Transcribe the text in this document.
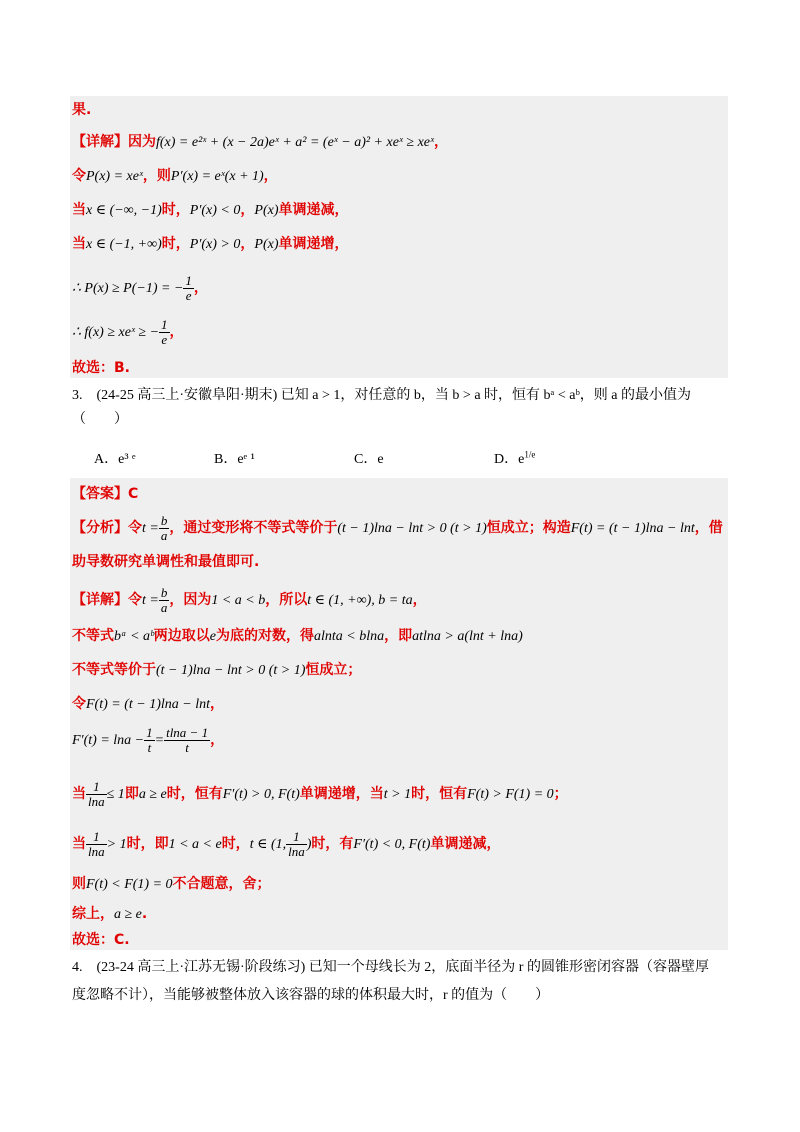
果.
【详解】因为f(x) = e²ˣ + (x − 2a)eˣ + a² = (eˣ − a)² + xeˣ ≥ xeˣ，
令P(x) = xeˣ，则P′(x) = eˣ(x + 1)，
当x ∈ (−∞, −1)时，P′(x) < 0，P(x)单调递减，
当x ∈ (−1, +∞)时，P′(x) > 0，P(x)单调递增，
∴ P(x) ≥ P(−1) = − $\frac{1}{e}$ ，
∴ f(x) ≥ xeˣ ≥ − $\frac{1}{e}$ ，
故选：B.
3.　(24-25 高三上·安徽阜阳·期末) 已知 a > 1，对任意的 b，当 b > a 时，恒有 bᵃ < aᵇ，则 a 的最小值为
（　　）
A．e³ ᵉ	B．eᵉ ¹	C．e	D．$e^{1/e}$
【答案】C
【分析】令$t = \frac{b}{a}$ ，通过变形将不等式等价于(t − 1)lna − lnt > 0 (t > 1)恒成立；构造F(t) = (t − 1)lna − lnt，借
助导数研究单调性和最值即可.
【详解】令$t = \frac{b}{a}$ ，因为1 < a < b，所以t ∈ (1, +∞), b = ta，
不等式bᵃ < aᵇ两边取以e为底的对数，得alnta < blna，即atlna > a(lnt + lna)
不等式等价于(t − 1)lna − lnt > 0 (t > 1)恒成立；
令F(t) = (t − 1)lna − lnt，
$F'(t) = \ln a - \frac{1}{t} = \frac{tlna - 1}{t}$ ，
当 $\frac{1}{\ln a} \le 1$即a ≥ e时，恒有F′(t) > 0, F(t)单调递增，当t > 1时，恒有F(t) > F(1) = 0；
当 $\frac{1}{\ln a} > 1$时，即1 < a < e时，t ∈ (1, $\frac{1}{\ln a}$ )时，有F′(t) < 0, F(t)单调递减，
则F(t) < F(1) = 0不合题意，舍；
综上，a ≥ e.
故选：C.
4.　(23-24 高三上·江苏无锡·阶段练习) 已知一个母线长为 2，底面半径为 r 的圆锥形密闭容器（容器壁厚
度忽略不计），当能够被整体放入该容器的球的体积最大时，r 的值为（　　）
